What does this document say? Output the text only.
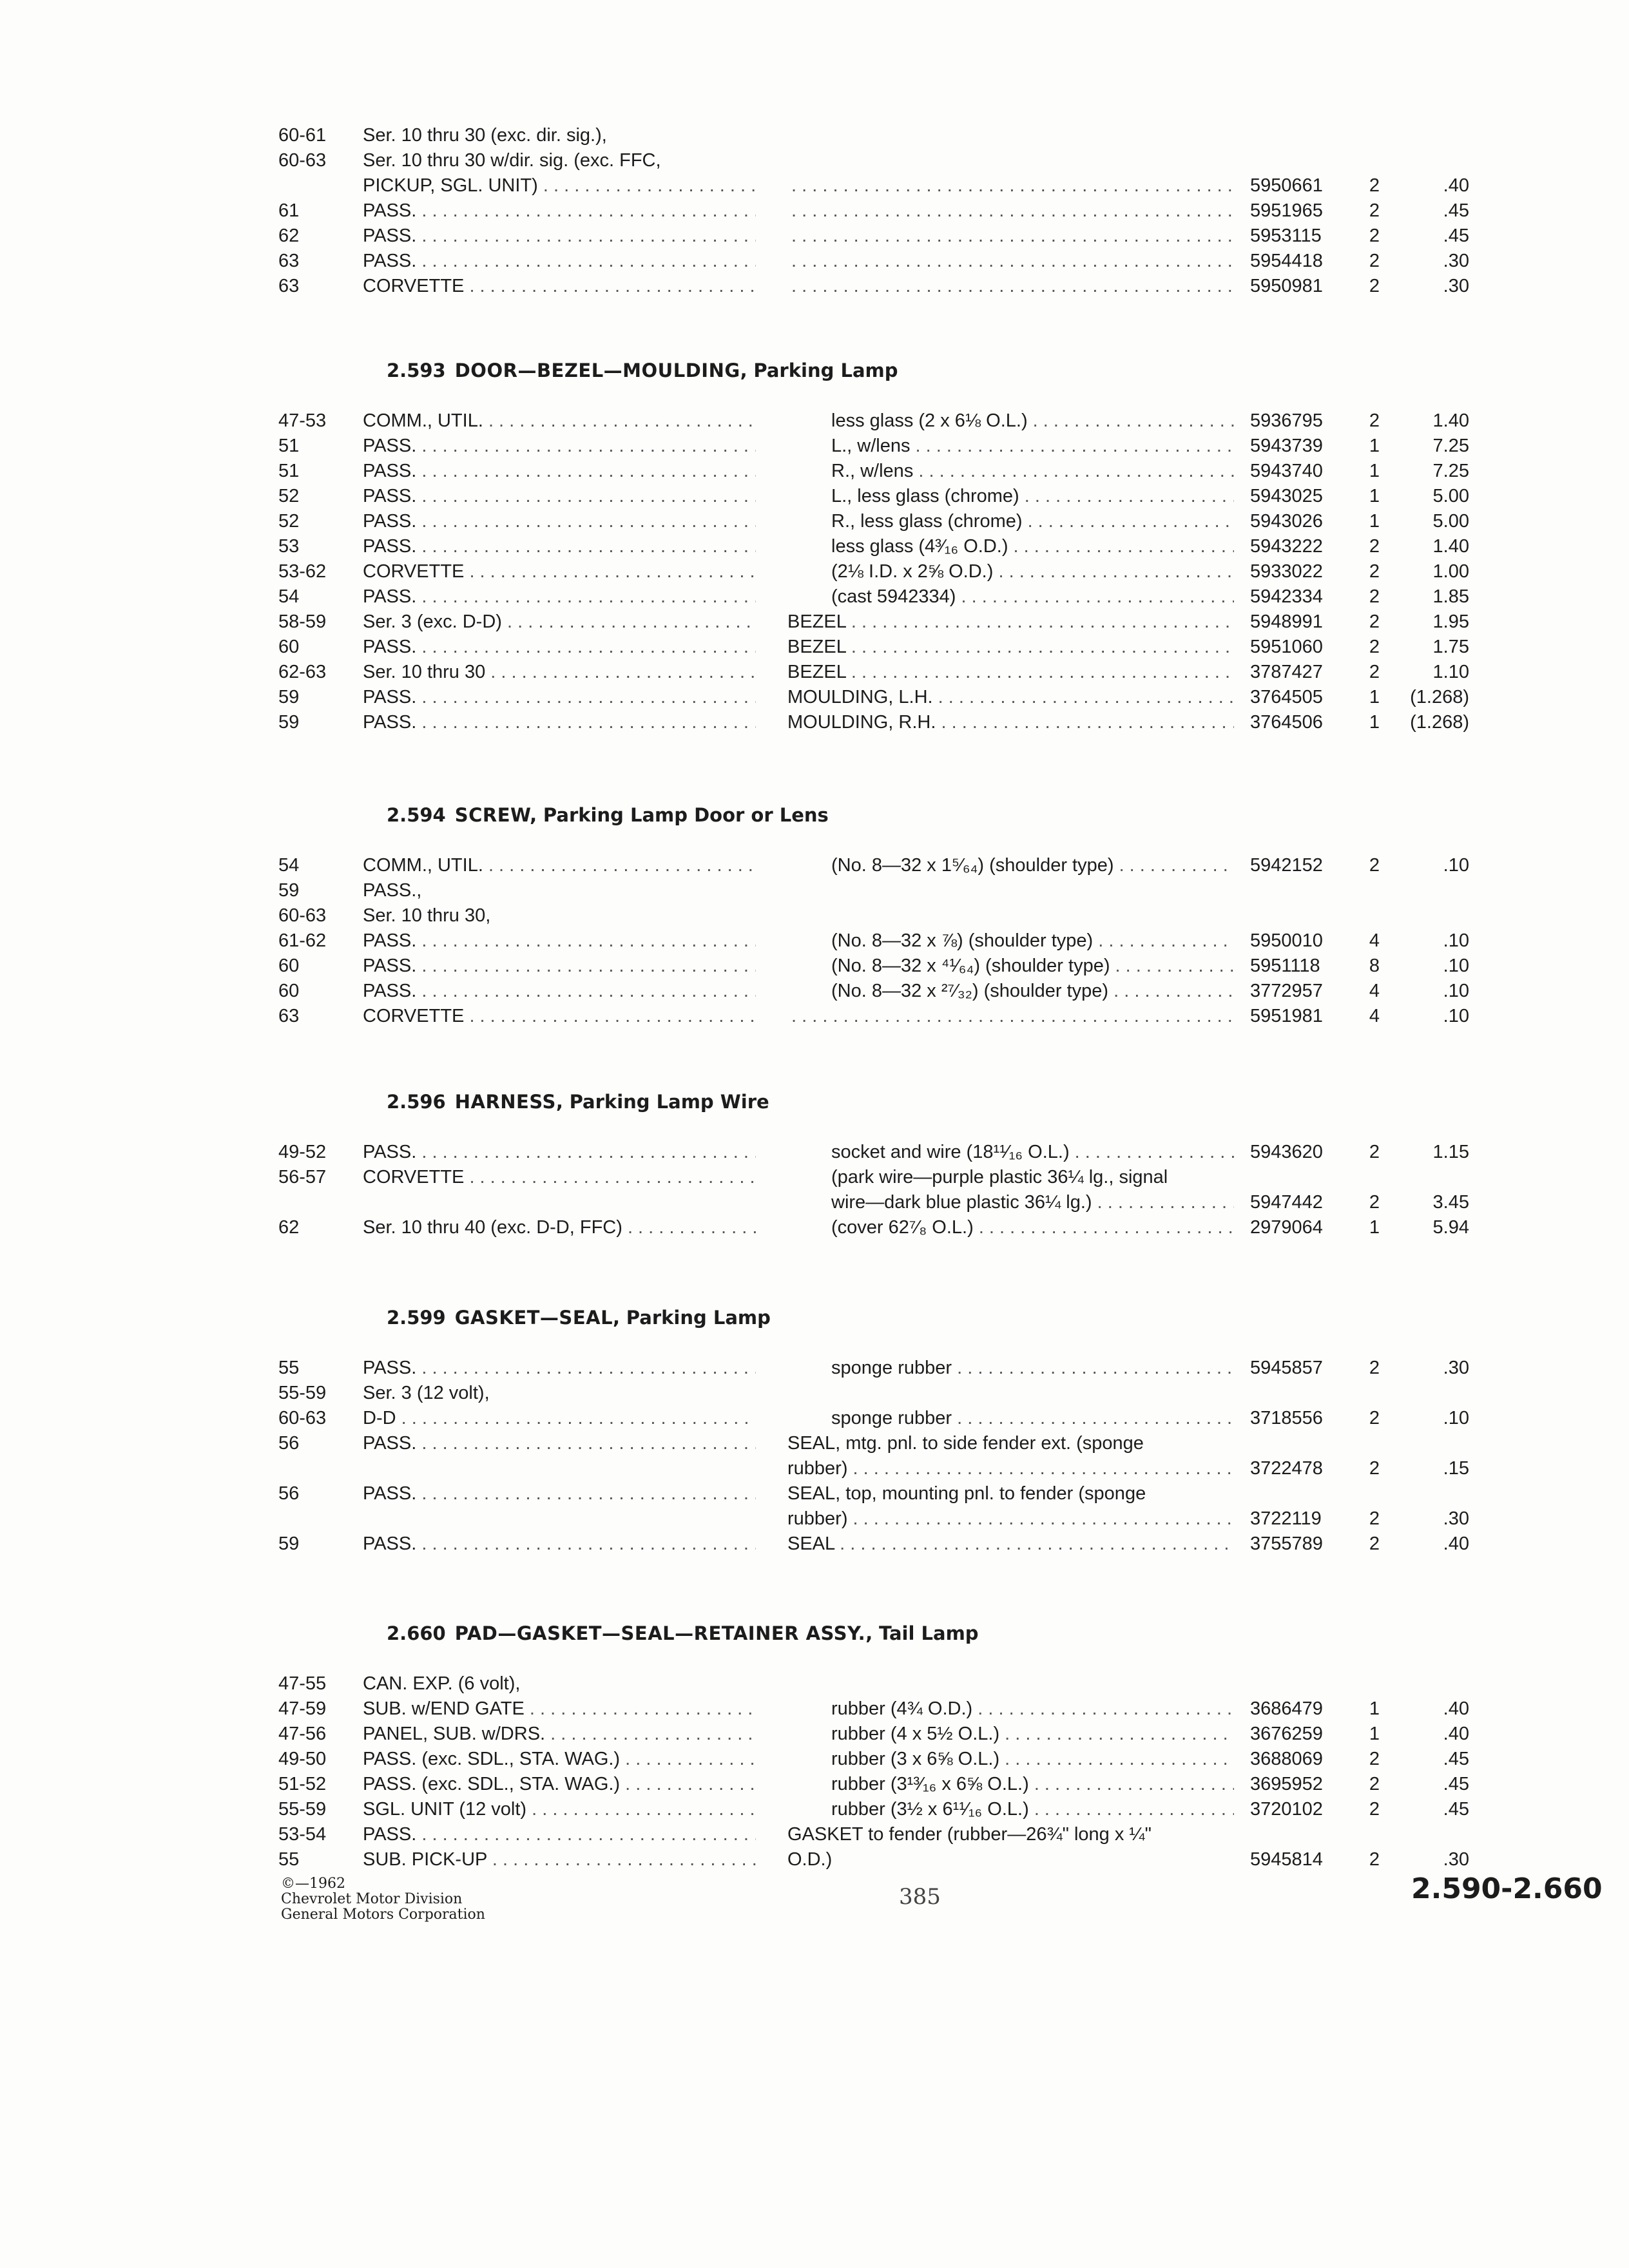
60-61	Ser. 10 thru 30 (exc. dir. sig.),
60-63	Ser. 10 thru 30 w/dir. sig. (exc. FFC,
PICKUP, SGL. UNIT) . . . . . .	5950661	2	.40
61	PASS. . . . . . .	5951965	2	.45
62	PASS. . . . . . .	5953115	2	.45
63	PASS. . . . . . .	5954418	2	.30
63	CORVETTE . . . . . .	5950981	2	.30
2.593 DOOR—BEZEL—MOULDING, Parking Lamp
47-53	COMM., UTIL. . . .	less glass (2 x 6⅛ O.L.) . . .	5936795	2	1.40
51	PASS. . . .	L., w/lens . . .	5943739	1	7.25
51	PASS. . . .	R., w/lens . . .	5943740	1	7.25
52	PASS. . . .	L., less glass (chrome) . . .	5943025	1	5.00
52	PASS. . . .	R., less glass (chrome) . . .	5943026	1	5.00
53	PASS. . . .	less glass (4³⁄₁₆ O.D.) . . .	5943222	2	1.40
53-62	CORVETTE . . .	(2⅛ I.D. x 2⅝ O.D.) . . .	5933022	2	1.00
54	PASS. . . .	(cast 5942334) . . .	5942334	2	1.85
58-59	Ser. 3 (exc. D-D) . . .	BEZEL . . .	5948991	2	1.95
60	PASS. . . .	BEZEL . . .	5951060	2	1.75
62-63	Ser. 10 thru 30 . . .	BEZEL . . .	3787427	2	1.10
59	PASS. . . .	MOULDING, L.H. . . .	3764505	1	(1.268)
59	PASS. . . .	MOULDING, R.H. . . .	3764506	1	(1.268)
2.594 SCREW, Parking Lamp Door or Lens
54	COMM., UTIL. . . .	(No. 8—32 x 1⁵⁄₆₄) (shoulder type) . . .	5942152	2	.10
59	PASS.,
60-63	Ser. 10 thru 30,
61-62	PASS. . . .	(No. 8—32 x ⅞) (shoulder type) . . .	5950010	4	.10
60	PASS. . . .	(No. 8—32 x ⁴¹⁄₆₄) (shoulder type) . . .	5951118	8	.10
60	PASS. . . .	(No. 8—32 x ²⁷⁄₃₂) (shoulder type) . . .	3772957	4	.10
63	CORVETTE . . . . . .	5951981	4	.10
2.596 HARNESS, Parking Lamp Wire
49-52	PASS. . . .	socket and wire (18¹¹⁄₁₆ O.L.) . . .	5943620	2	1.15
56-57	CORVETTE . . .	(park wire—purple plastic 36¼ lg., signal
wire—dark blue plastic 36¼ lg.) . . .	5947442	2	3.45
62	Ser. 10 thru 40 (exc. D-D, FFC) . . .	(cover 62⁷⁄₈ O.L.) . . .	2979064	1	5.94
2.599 GASKET—SEAL, Parking Lamp
55	PASS. . . .	sponge rubber . . .	5945857	2	.30
55-59	Ser. 3 (12 volt),
60-63	D-D . . .	sponge rubber . . .	3718556	2	.10
56	PASS. . . .	SEAL, mtg. pnl. to side fender ext. (sponge
rubber) . . .	3722478	2	.15
56	PASS. . . .	SEAL, top, mounting pnl. to fender (sponge
rubber) . . .	3722119	2	.30
59	PASS. . . .	SEAL . . .	3755789	2	.40
2.660 PAD—GASKET—SEAL—RETAINER ASSY., Tail Lamp
47-55	CAN. EXP. (6 volt),
47-59	SUB. w/END GATE . . .	rubber (4¾ O.D.) . . .	3686479	1	.40
47-56	PANEL, SUB. w/DRS. . . .	rubber (4 x 5½ O.L.) . . .	3676259	1	.40
49-50	PASS. (exc. SDL., STA. WAG.) . . .	rubber (3 x 6⅝ O.L.) . . .	3688069	2	.45
51-52	PASS. (exc. SDL., STA. WAG.) . . .	rubber (3¹³⁄₁₆ x 6⅝ O.L.) . . .	3695952	2	.45
55-59	SGL. UNIT (12 volt) . . .	rubber (3½ x 6¹¹⁄₁₆ O.L.) . . .	3720102	2	.45
53-54	PASS. . . .	GASKET to fender (rubber—26¾" long x ¼"
55	SUB. PICK-UP . . .	O.D.)	5945814	2	.30
©—1962
Chevrolet Motor Division
General Motors Corporation
385	2.590-2.660
